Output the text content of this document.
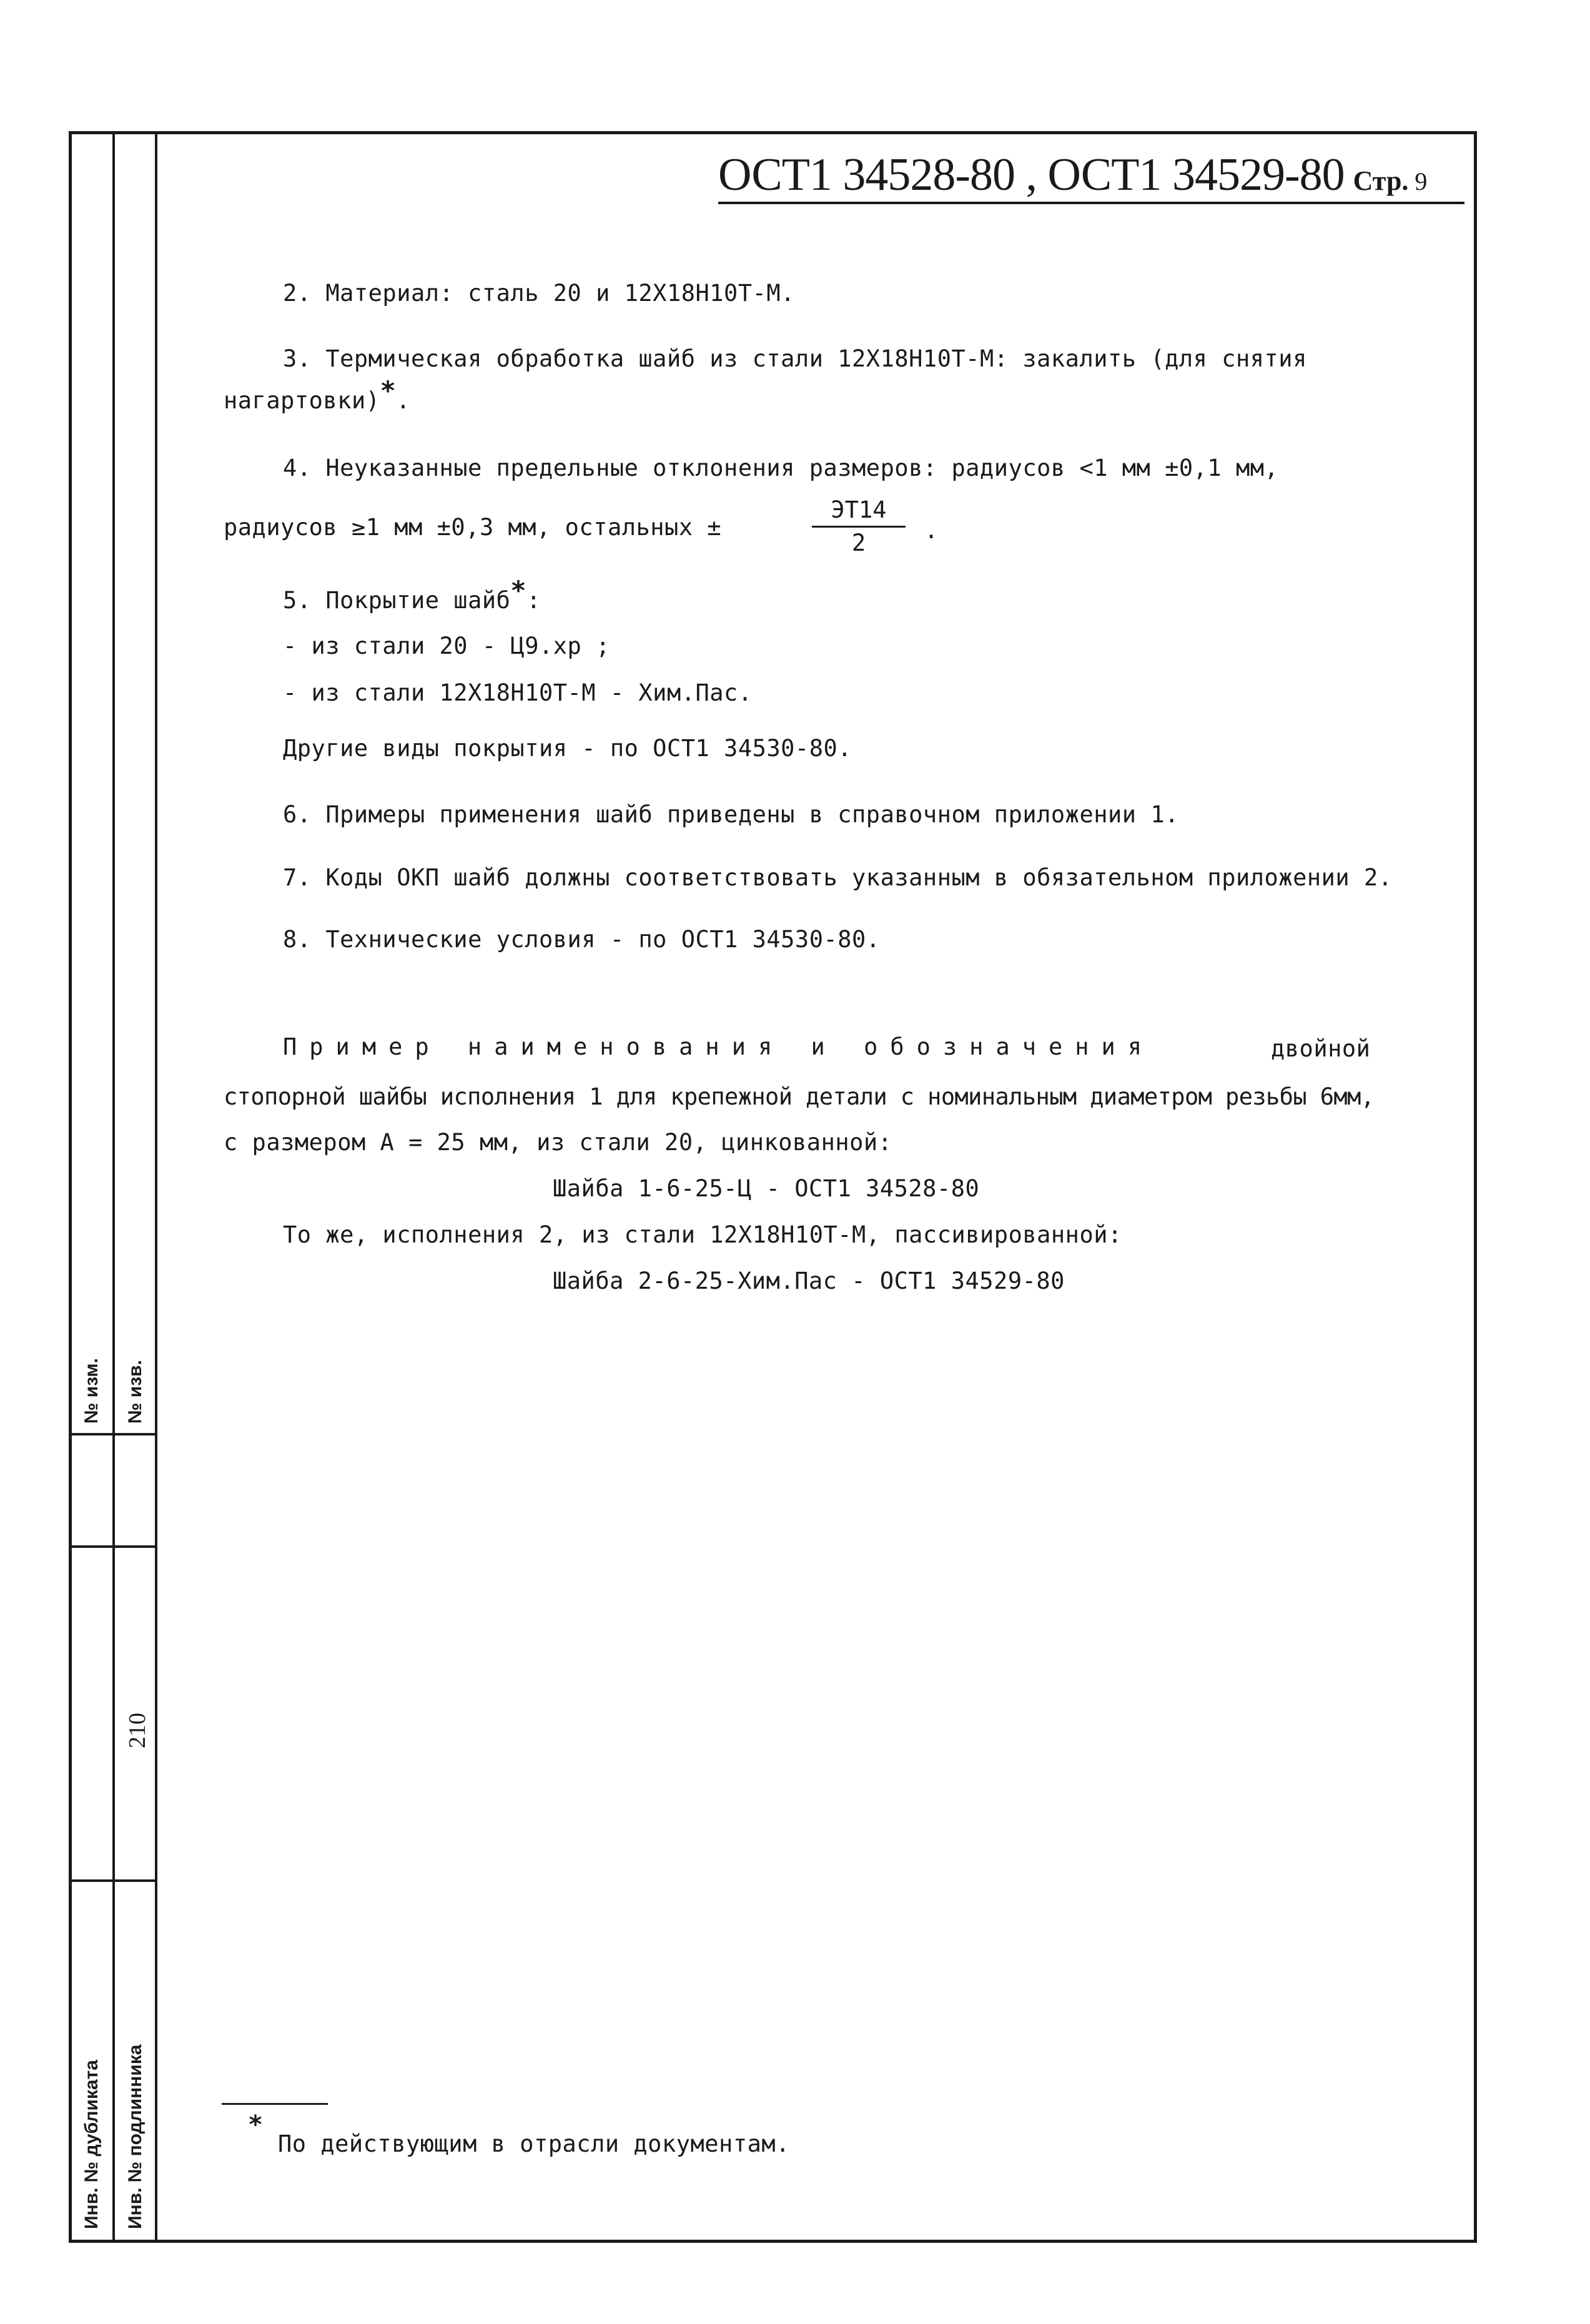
№ изм. № изв.
210
Инв. № дубликата Инв. № подлинника
ОСТ1 34528-80 , ОСТ1 34529-80 Стр. 9
2. Материал: сталь 20 и 12Х18Н10Т-М.
3. Термическая обработка шайб из стали 12Х18Н10Т-М: закалить (для снятия
нагартовки)*.
4. Неуказанные предельные отклонения размеров: радиусов <1 мм ±0,1 мм,
радиусов ≥1 мм ±0,3 мм, остальных ±
ЭТ14
2	.
5. Покрытие шайб*:
- из стали 20 - Ц9.хр ;
- из стали 12Х18Н10Т-М - Хим.Пас.
Другие виды покрытия - по ОСТ1 34530-80.
6. Примеры применения шайб приведены в справочном приложении 1.
7. Коды ОКП шайб должны соответствовать указанным в обязательном приложении 2.
8. Технические условия - по ОСТ1 34530-80.
Пример наименования и обозначения	двойной
стопорной шайбы исполнения 1 для крепежной детали с номинальным диаметром резьбы 6мм,
с размером А = 25 мм, из стали 20, цинкованной:
Шайба 1-6-25-Ц - ОСТ1 34528-80
То же, исполнения 2, из стали 12Х18Н10Т-М, пассивированной:
Шайба 2-6-25-Хим.Пас - ОСТ1 34529-80
*
По действующим в отрасли документам.
